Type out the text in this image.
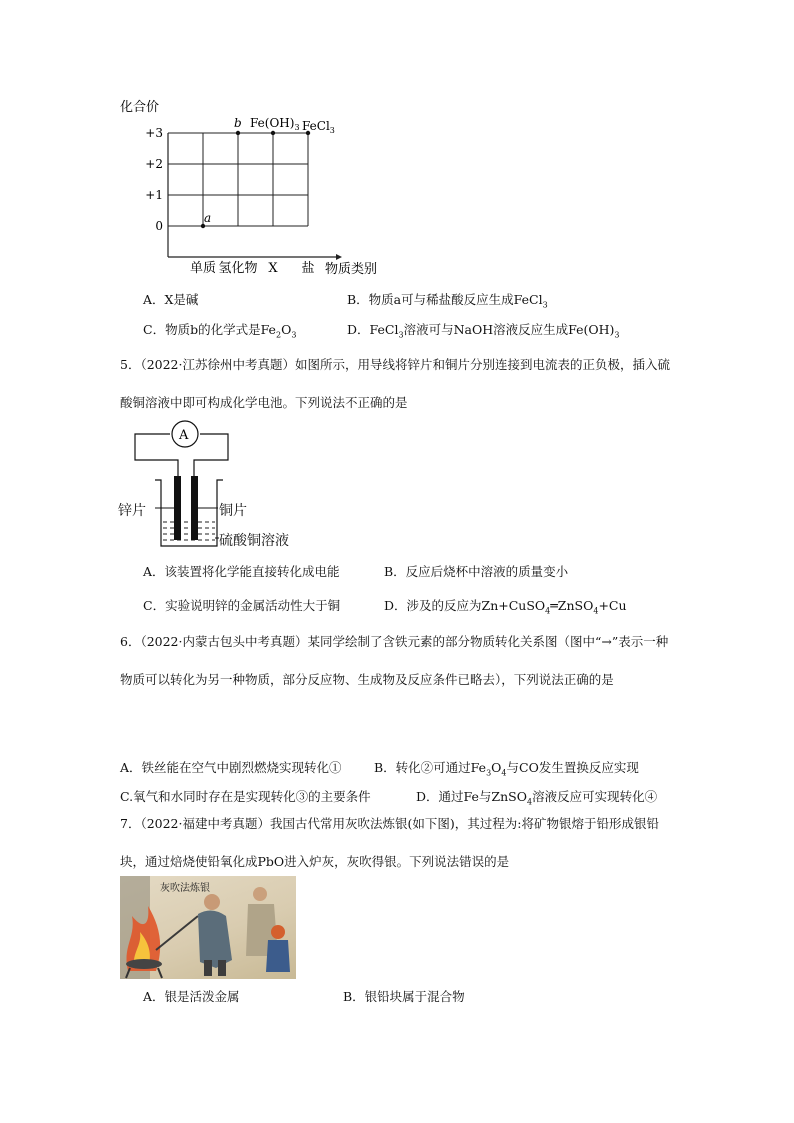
化合价
物质类别
+3
+2
+1
0
单质 氢化物 X 盐
a
b $Fe(OH)_3$ FeCl$_3$
A．X是碱	B．物质a可与稀盐酸反应生成FeCl$_3$
C．物质b的化学式是$Fe_2O_3$	D．FeCl$_3$溶液可与NaOH溶液反应生成$Fe(OH)_3$
5．（2022·江苏徐州中考真题）如图所示，用导线将锌片和铜片分别连接到电流表的正负极，插入硫酸铜溶液中即可构成化学电池。下列说法不正确的是
A
锌片	铜片
硫酸铜溶液
A．该装置将化学能直接转化成电能	B．反应后烧杯中溶液的质量变小
C．实验说明锌的金属活动性大于铜	D．涉及的反应为Zn+CuSO$_4$═ZnSO$_4$+Cu
6．（2022·内蒙古包头中考真题）某同学绘制了含铁元素的部分物质转化关系图（图中“→”表示一种物质可以转化为另一种物质，部分反应物、生成物及反应条件已略去），下列说法正确的是
A．铁丝能在空气中剧烈燃烧实现转化①	B．转化②可通过$Fe_3O_4$与CO发生置换反应实现
C.氧气和水同时存在是实现转化③的主要条件	D．通过Fe与ZnSO$_4$溶液反应可实现转化④
7．（2022·福建中考真题）我国古代常用灰吹法炼银(如下图)，其过程为:将矿物银熔于铅形成银铅块，通过焙烧使铅氧化成PbO进入炉灰，灰吹得银。下列说法错误的是
灰吹法炼银
A．银是活泼金属	B．银铅块属于混合物
